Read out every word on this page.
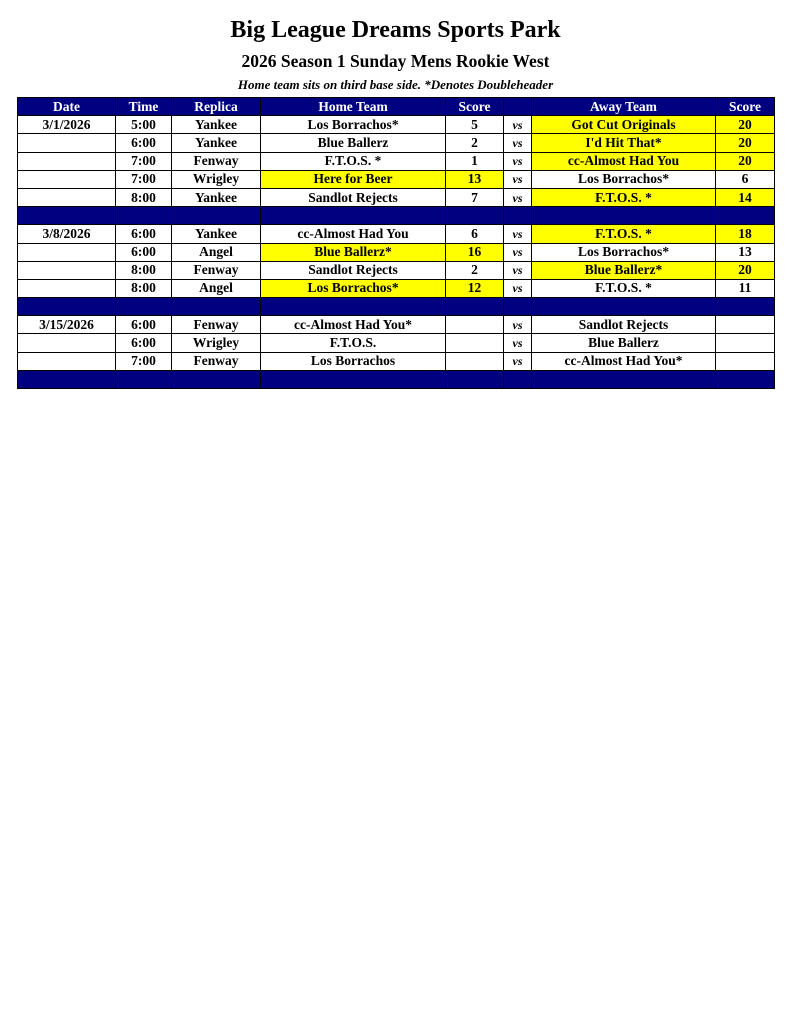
Big League Dreams Sports Park
2026 Season 1 Sunday Mens Rookie West
Home team sits on third base side. *Denotes Doubleheader
Date	Time	Replica	Home Team	Score		Away Team	Score
3/1/2026	5:00	Yankee	Los Borrachos*	5	vs	Got Cut Originals	20
	6:00	Yankee	Blue Ballerz	2	vs	I'd Hit That*	20
	7:00	Fenway	F.T.O.S. *	1	vs	cc-Almost Had You	20
	7:00	Wrigley	Here for Beer	13	vs	Los Borrachos*	6
	8:00	Yankee	Sandlot Rejects	7	vs	F.T.O.S. *	14

3/8/2026	6:00	Yankee	cc-Almost Had You	6	vs	F.T.O.S. *	18
	6:00	Angel	Blue Ballerz*	16	vs	Los Borrachos*	13
	8:00	Fenway	Sandlot Rejects	2	vs	Blue Ballerz*	20
	8:00	Angel	Los Borrachos*	12	vs	F.T.O.S. *	11

3/15/2026	6:00	Fenway	cc-Almost Had You*		vs	Sandlot Rejects	
	6:00	Wrigley	F.T.O.S.		vs	Blue Ballerz	
	7:00	Fenway	Los Borrachos		vs	cc-Almost Had You*	
